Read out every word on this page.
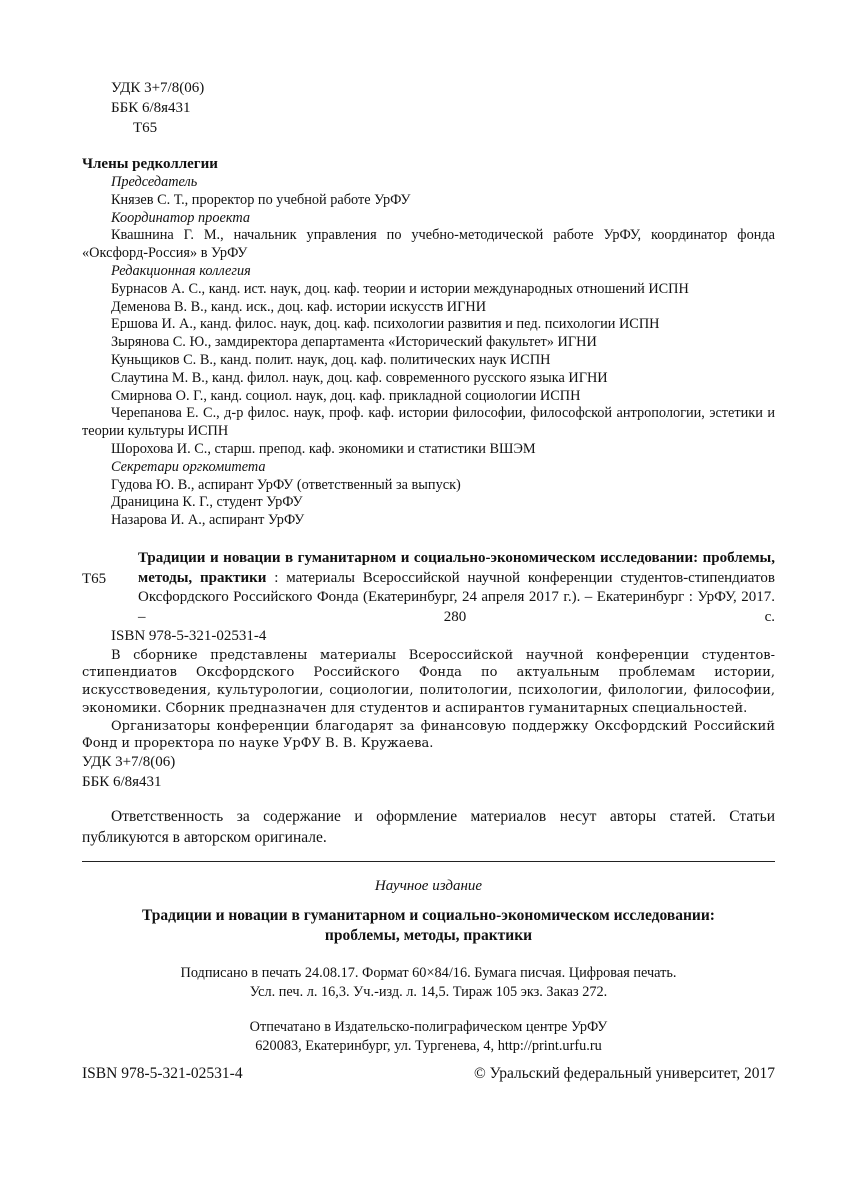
УДК 3+7/8(06)
ББК 6/8я431
Т65
Члены редколлегии
Председатель
Князев С. Т., проректор по учебной работе УрФУ
Координатор проекта
Квашнина Г. М., начальник управления по учебно-методической работе УрФУ, координатор фонда «Оксфорд-Россия» в УрФУ
Редакционная коллегия
Бурнасов А. С., канд. ист. наук, доц. каф. теории и истории международных отношений ИСПН
Деменова В. В., канд. иск., доц. каф. истории искусств ИГНИ
Ершова И. А., канд. филос. наук, доц. каф. психологии развития и пед. психологии ИСПН
Зырянова С. Ю., замдиректора департамента «Исторический факультет» ИГНИ
Куньщиков С. В., канд. полит. наук, доц. каф. политических наук ИСПН
Слаутина М. В., канд. филол. наук, доц. каф. современного русского языка ИГНИ
Смирнова О. Г., канд. социол. наук, доц. каф. прикладной социологии ИСПН
Черепанова Е. С., д-р филос. наук, проф. каф. истории философии, философской антропологии, эстетики и теории культуры ИСПН
Шорохова И. С., старш. препод. каф. экономики и статистики ВШЭМ
Секретари оргкомитета
Гудова Ю. В., аспирант УрФУ (ответственный за выпуск)
Драницина К. Г., студент УрФУ
Назарова И. А., аспирант УрФУ
Т65
Традиции и новации в гуманитарном и социально-экономическом исследовании: проблемы, методы, практики : материалы Всероссийской научной конференции студентов-стипендиатов Оксфордского Российского Фонда (Екатеринбург, 24 апреля 2017 г.). – Екатеринбург : УрФУ, 2017. – 280 с.
ISBN 978-5-321-02531-4
В сборнике представлены материалы Всероссийской научной конференции студентов-стипендиатов Оксфордского Российского Фонда по актуальным проблемам истории, искусствоведения, культурологии, социологии, политологии, психологии, филологии, философии, экономики. Сборник предназначен для студентов и аспирантов гуманитарных специальностей.
Организаторы конференции благодарят за финансовую поддержку Оксфордский Российский Фонд и проректора по науке УрФУ В. В. Кружаева.
УДК 3+7/8(06)
ББК 6/8я431
Ответственность за содержание и оформление материалов несут авторы статей. Статьи публикуются в авторском оригинале.
Научное издание
Традиции и новации в гуманитарном и социально-экономическом исследовании:
проблемы, методы, практики
Подписано в печать 24.08.17. Формат 60×84/16. Бумага писчая. Цифровая печать.
Усл. печ. л. 16,3. Уч.-изд. л. 14,5. Тираж 105 экз. Заказ 272.
Отпечатано в Издательско-полиграфическом центре УрФУ
620083, Екатеринбург, ул. Тургенева, 4, http://print.urfu.ru
ISBN 978-5-321-02531-4	© Уральский федеральный университет, 2017
